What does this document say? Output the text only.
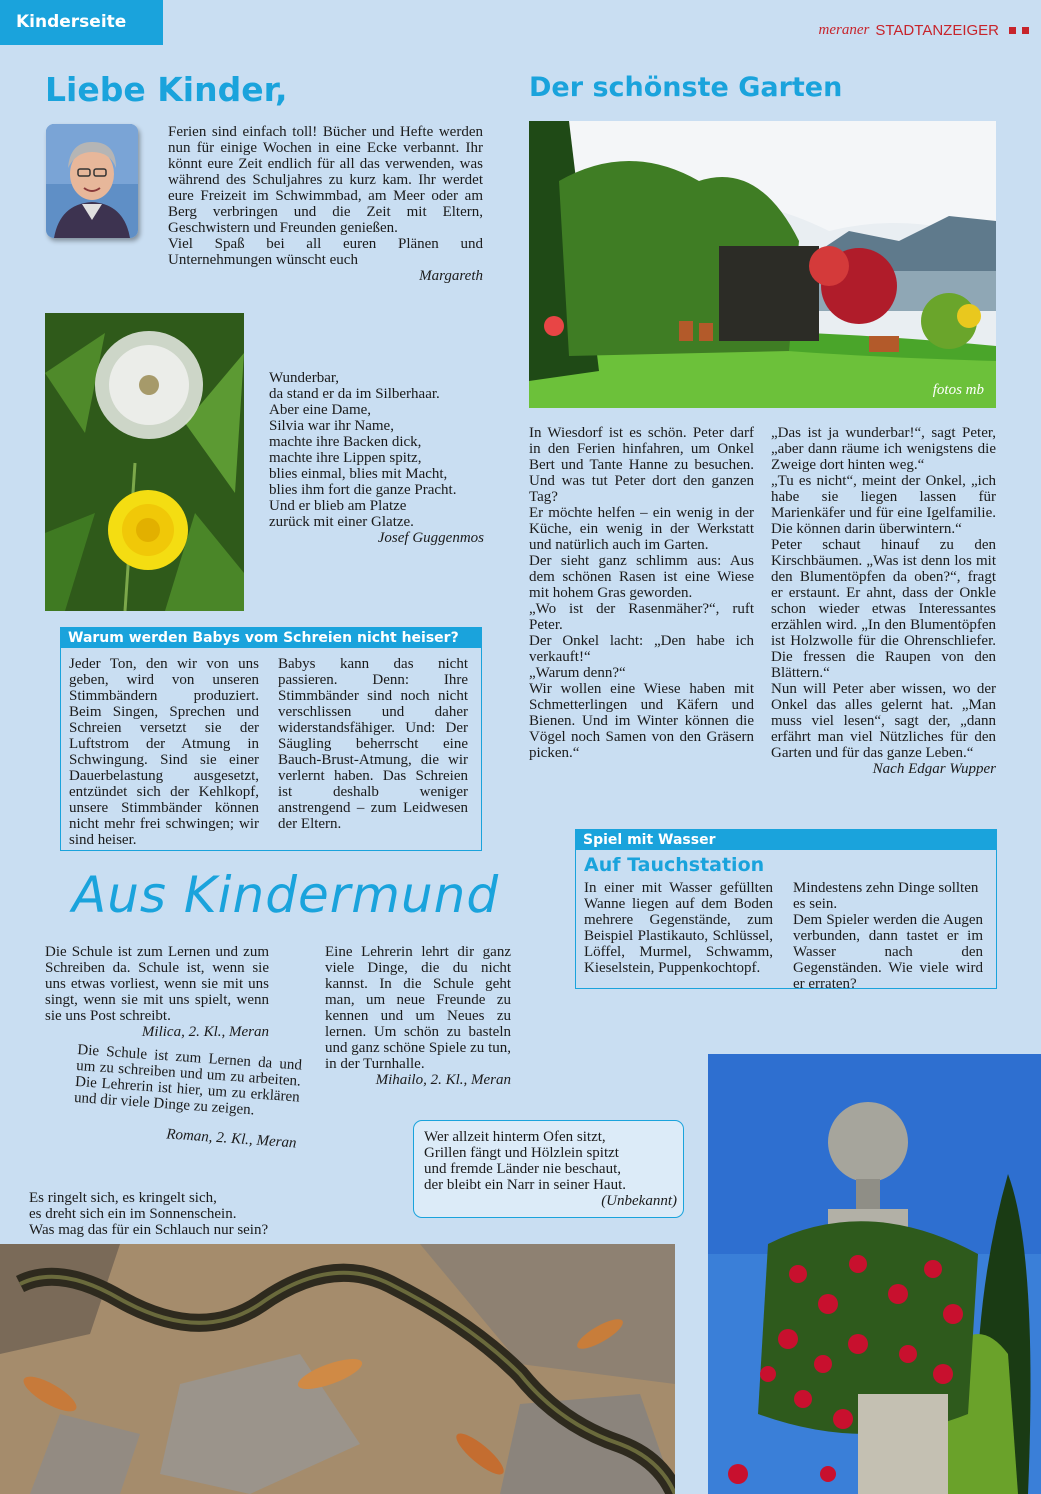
Kinderseite	meraner STADTANZEIGER
Liebe Kinder,
Ferien sind einfach toll! Bücher und Hefte werden nun für einige Wochen in eine Ecke verbannt. Ihr könnt eure Zeit endlich für all das verwenden, was während des Schuljahres zu kurz kam. Ihr werdet eure Freizeit im Schwimmbad, am Meer oder am Berg verbringen und die Zeit mit Eltern, Geschwistern und Freunden genießen.
Viel Spaß bei all euren Plänen und Unternehmungen wünscht euch
Margareth

Wunderbar,

da stand er da im Silberhaar.

Aber eine Dame,

Silvia war ihr Name,

machte ihre Backen dick,

machte ihre Lippen spitz,

blies einmal, blies mit Macht,

blies ihm fort die ganze Pracht.

Und er blieb am Platze

zurück mit einer Glatze.

Josef Guggenmos

Warum werden Babys vom Schreien nicht heiser?
Jeder Ton, den wir von uns geben, wird von unseren Stimmbändern produziert. Beim Singen, Sprechen und Schreien versetzt sie der Luftstrom der Atmung in Schwingung. Sind sie einer Dauerbelastung ausgesetzt, entzündet sich der Kehlkopf, unsere Stimmbänder können nicht mehr frei schwingen; wir sind heiser.
Babys kann das nicht passieren. Denn: Ihre Stimmbänder sind noch nicht verschlissen und daher widerstandsfähiger. Und: Der Säugling beherrscht eine Bauch-Brust-Atmung, die wir verlernt haben. Das Schreien ist deshalb weniger anstrengend – zum Leidwesen der Eltern.
Der schönste Garten
fotos mb

In Wiesdorf ist es schön. Peter darf in den Ferien hinfahren, um Onkel Bert und Tante Hanne zu besuchen. Und was tut Peter dort den ganzen Tag?

Er möchte helfen – ein wenig in der Küche, ein wenig in der Werkstatt und natürlich auch im Garten.

Der sieht ganz schlimm aus: Aus dem schönen Rasen ist eine Wiese mit hohem Gras geworden.

„Wo ist der Rasenmäher?“, ruft Peter.

Der Onkel lacht: „Den habe ich verkauft!“

„Warum denn?“

Wir wollen eine Wiese haben mit Schmetterlingen und Käfern und Bienen. Und im Winter können die Vögel noch Samen von den Gräsern picken.“

„Das ist ja wunderbar!“, sagt Peter, „aber dann räume ich wenigstens die Zweige dort hinten weg.“

„Tu es nicht“, meint der Onkel, „ich habe sie liegen lassen für Marienkäfer und für eine Igelfamilie. Die können darin überwintern.“

Peter schaut hinauf zu den Kirschbäumen. „Was ist denn los mit den Blumentöpfen da oben?“, fragt er erstaunt. Er ahnt, dass der Onkle schon wieder etwas Interessantes erzählen wird. „In den Blumentöpfen ist Holzwolle für die Ohrenschliefer. Die fressen die Raupen von den Blättern.“

Nun will Peter aber wissen, wo der Onkel das alles gelernt hat. „Man muss viel lesen“, sagt der, „dann erfährt man viel Nützliches für den Garten und für das ganze Leben.“

Nach Edgar Wupper

Spiel mit Wasser
Auf Tauchstation
In einer mit Wasser gefüllten Wanne liegen auf dem Boden mehrere Gegenstände, zum Beispiel Plastikauto, Schlüssel, Löffel, Murmel, Schwamm, Kieselstein, Puppenkochtopf.
Mindestens zehn Dinge sollten es sein.
Dem Spieler werden die Augen verbunden, dann tastet er im Wasser nach den Gegenständen. Wie viele wird er erraten?
Aus Kindermund
Die Schule ist zum Lernen und zum Schreiben da. Schule ist, wenn sie uns etwas vorliest, wenn sie mit uns singt, wenn sie mit uns spielt, wenn sie uns Post schreibt.
Milica, 2. Kl., Meran
Die Schule ist zum Lernen da und um zu schreiben und um zu arbeiten. Die Lehrerin ist hier, um zu erklären und dir viele Dinge zu zeigen.
Roman, 2. Kl., Meran
Eine Lehrerin lehrt dir ganz viele Dinge, die du nicht kannst. In die Schule geht man, um neue Freunde zu kennen und um Neues zu lernen. Um schön zu basteln und ganz schöne Spiele zu tun, in der Turnhalle.
Mihailo, 2. Kl., Meran
Wer allzeit hinterm Ofen sitzt,
Grillen fängt und Hölzlein spitzt
und fremde Länder nie beschaut,
der bleibt ein Narr in seiner Haut.
(Unbekannt)
Es ringelt sich, es kringelt sich,
es dreht sich ein im Sonnenschein.
Was mag das für ein Schlauch nur sein?
